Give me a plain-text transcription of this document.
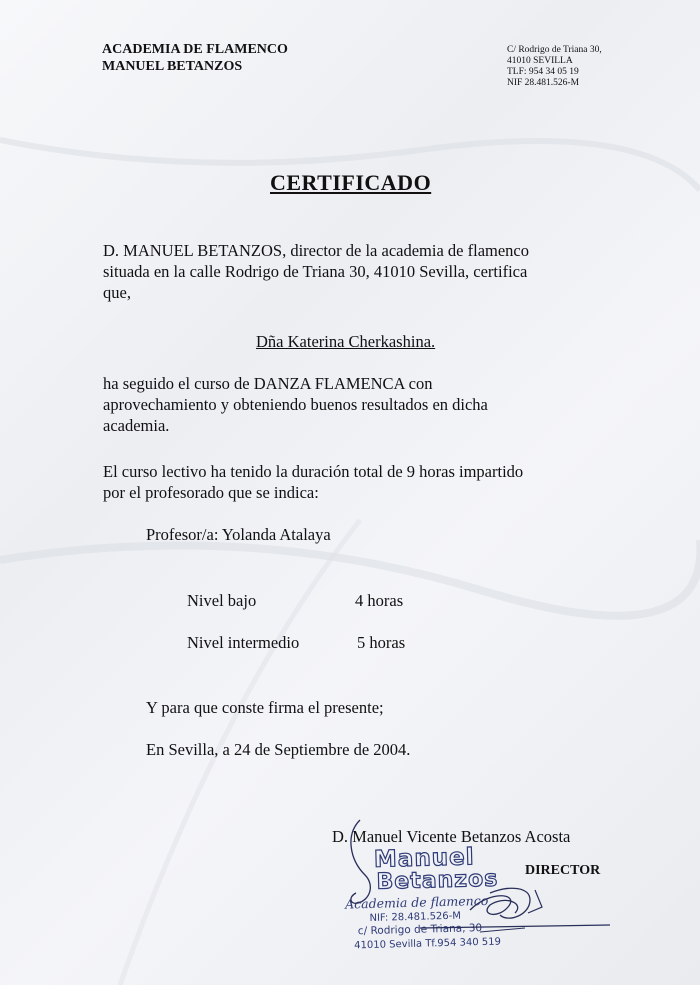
ACADEMIA DE FLAMENCO
MANUEL BETANZOS
C/ Rodrigo de Triana 30,
41010 SEVILLA
TLF: 954 34 05 19
NIF 28.481.526-M
CERTIFICADO
D. MANUEL BETANZOS, director de la academia de flamenco
situada en la calle Rodrigo de Triana 30, 41010 Sevilla, certifica
que,
Dña Katerina Cherkashina.
ha seguido el curso de DANZA FLAMENCA con
aprovechamiento y obteniendo buenos resultados en dicha
academia.
El curso lectivo ha tenido la duración total de 9 horas impartido
por el profesorado que se indica:
Profesor/a: Yolanda Atalaya
Nivel bajo	4 horas
Nivel intermedio	5 horas
Y para que conste firma el presente;
En Sevilla, a 24 de Septiembre de 2004.
D. Manuel Vicente Betanzos Acosta
DIRECTOR
Manuel
Betanzos
Academia de flamenco
NIF: 28.481.526-M
c/ Rodrigo de Triana, 30
41010 Sevilla Tf.954 340 519
